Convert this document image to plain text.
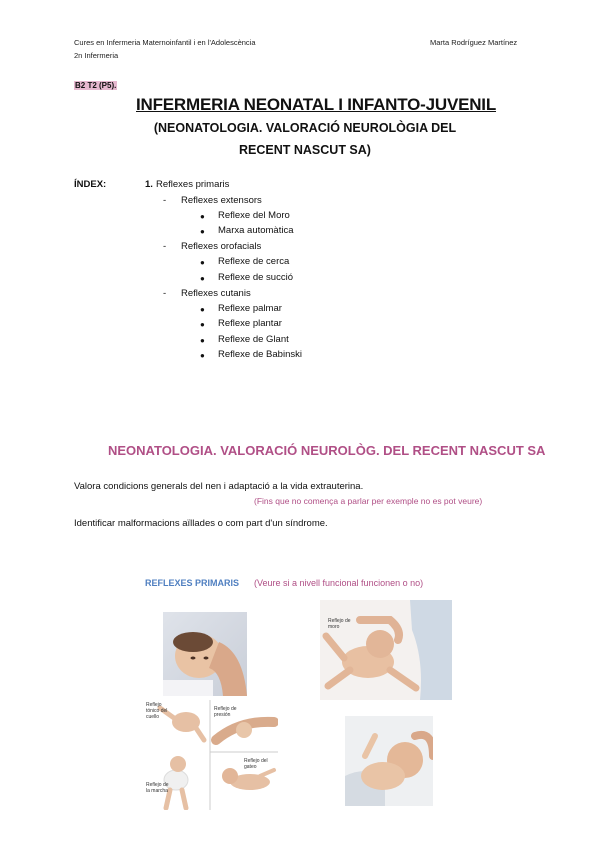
Cures en Infermeria Maternoinfantil i en l'Adolescència
2n Infermeria
Marta Rodríguez Martínez
B2 T2 (P5).
INFERMERIA NEONATAL I INFANTO-JUVENIL
(NEONATOLOGIA. VALORACIÓ NEUROLÒGIA DEL
RECENT NASCUT SA)
ÍNDEX:	1. Reflexes primaris
- Reflexes extensors
● Reflexe del Moro
● Marxa automàtica
- Reflexes orofacials
● Reflexe de cerca
● Reflexe de succió
- Reflexes cutanis
● Reflexe palmar
● Reflexe plantar
● Reflexe de Glant
● Reflexe de Babinski
NEONATOLOGIA. VALORACIÓ NEUROLÒG. DEL RECENT NASCUT SA
Valora condicions generals del nen i adaptació a la vida extrauterina.
(Fins que no comença a parlar per exemple no es pot veure)
Identificar malformacions aïllades o com part d'un síndrome.
REFLEXES PRIMARIS (Veure si a nivell funcional funcionen o no)
Reflejo de moro
Reflejo tónico del cuello
Reflejo de presión
Reflejo de la marcha
Reflejo del gateo
